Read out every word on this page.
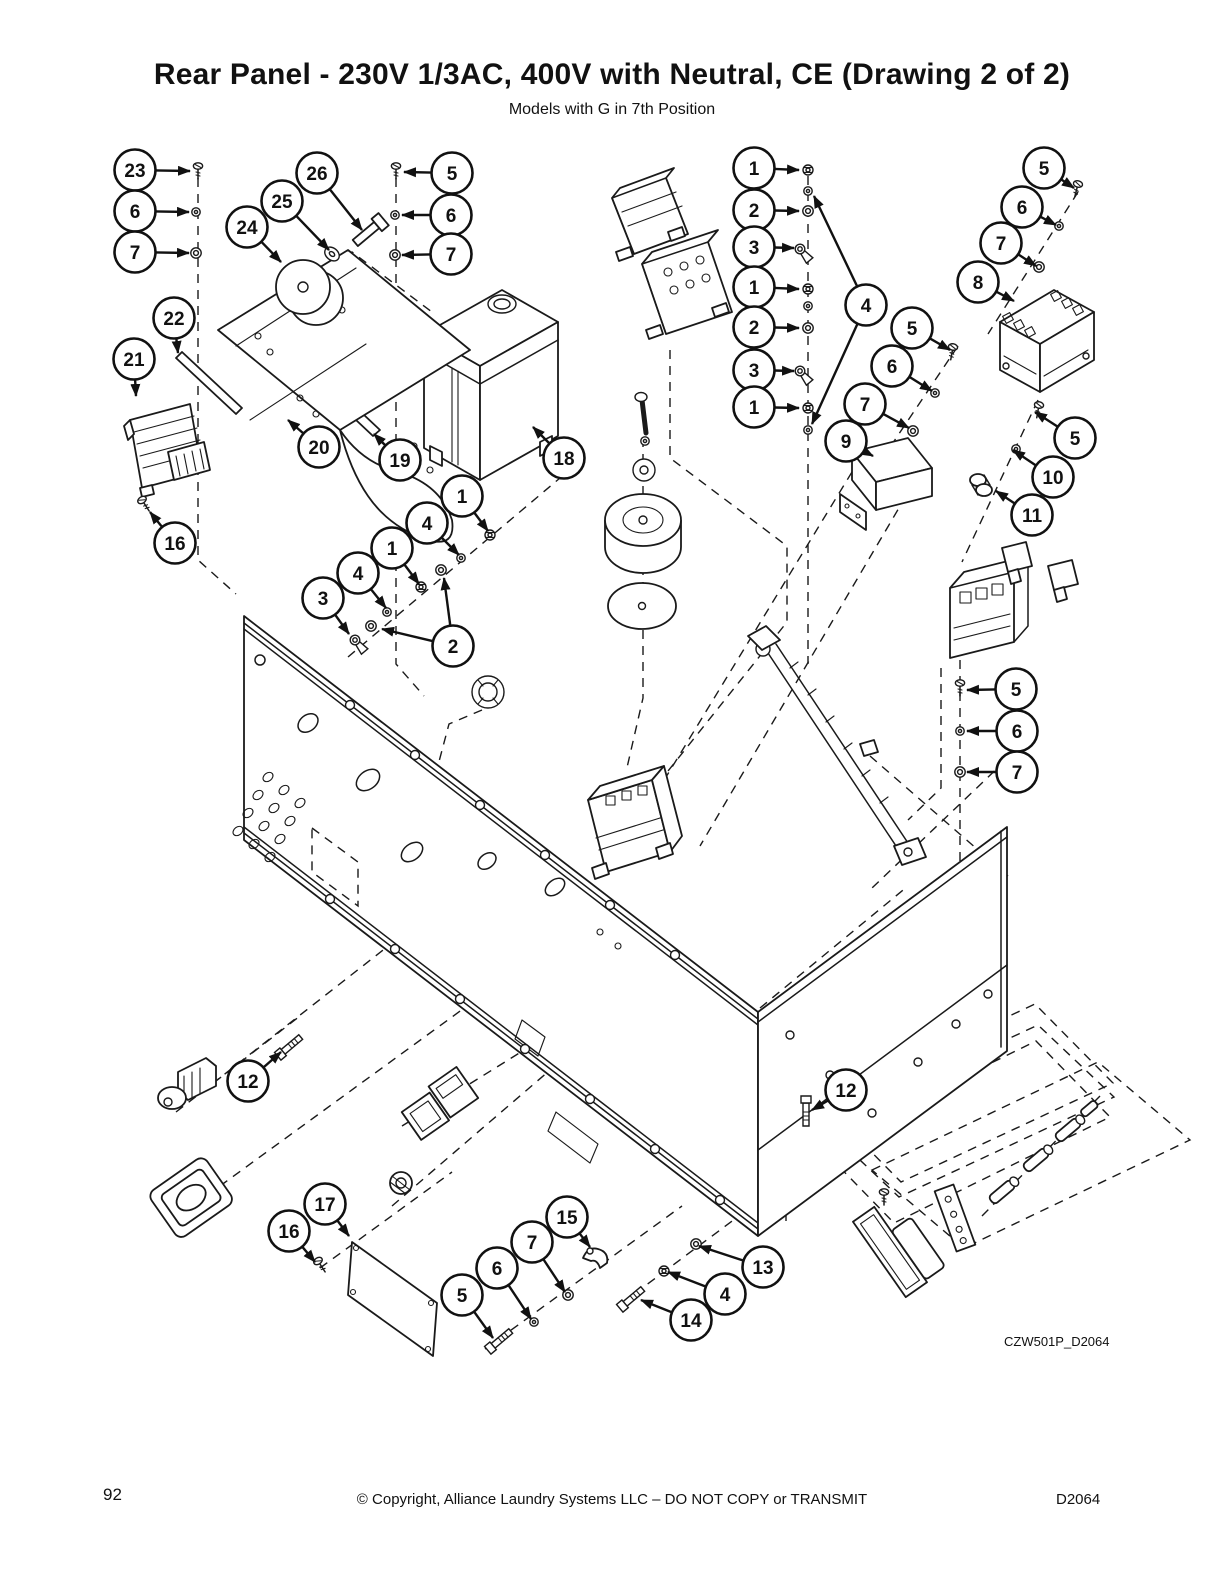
Rear Panel - 230V 1/3AC, 400V with Neutral, CE (Drawing 2 of 2)
Models with G in 7th Position
23
6
7
26
25
24
5
6
7
22
21
20
19
16
18
1
4
1
4
3
2
1
2
3
1
2
3
1
4
5
6
7
9
5
6
7
8
5
10
11
5
6
7
12
16
17
5
6
7
15
13
4
14
12
CZW501P_D2064
92	© Copyright, Alliance Laundry Systems LLC – DO NOT COPY or TRANSMIT	D2064
